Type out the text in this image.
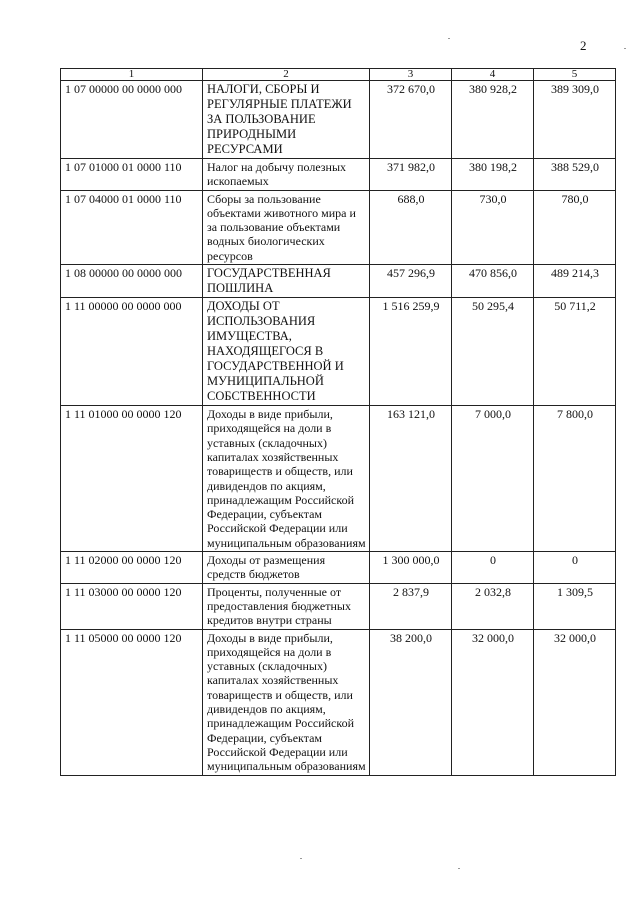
2
1	2	3	4	5
1 07 00000 00 0000 000	НАЛОГИ, СБОРЫ И РЕГУЛЯРНЫЕ ПЛАТЕЖИ ЗА ПОЛЬЗОВАНИЕ ПРИРОДНЫМИ РЕСУРСАМИ	372 670,0	380 928,2	389 309,0
1 07 01000 01 0000 110	Налог на добычу полезных ископаемых	371 982,0	380 198,2	388 529,0
1 07 04000 01 0000 110	Сборы за пользование объектами животного мира и за пользование объектами водных биологических ресурсов	688,0	730,0	780,0
1 08 00000 00 0000 000	ГОСУДАРСТВЕННАЯ ПОШЛИНА	457 296,9	470 856,0	489 214,3
1 11 00000 00 0000 000	ДОХОДЫ ОТ ИСПОЛЬЗОВАНИЯ ИМУЩЕСТВА, НАХОДЯЩЕГОСЯ В ГОСУДАРСТВЕННОЙ И МУНИЦИПАЛЬНОЙ СОБСТВЕННОСТИ	1 516 259,9	50 295,4	50 711,2
1 11 01000 00 0000 120	Доходы в виде прибыли, приходящейся на доли в уставных (складочных) капиталах хозяйственных товариществ и обществ, или дивидендов по акциям, принадлежащим Российской Федерации, субъектам Российской Федерации или муниципальным образованиям	163 121,0	7 000,0	7 800,0
1 11 02000 00 0000 120	Доходы от размещения средств бюджетов	1 300 000,0	0	0
1 11 03000 00 0000 120	Проценты, полученные от предоставления бюджетных кредитов внутри страны	2 837,9	2 032,8	1 309,5
1 11 05000 00 0000 120	Доходы в виде прибыли, приходящейся на доли в уставных (складочных) капиталах хозяйственных товариществ и обществ, или дивидендов по акциям, принадлежащим Российской Федерации, субъектам Российской Федерации или муниципальным образованиям	38 200,0	32 000,0	32 000,0
